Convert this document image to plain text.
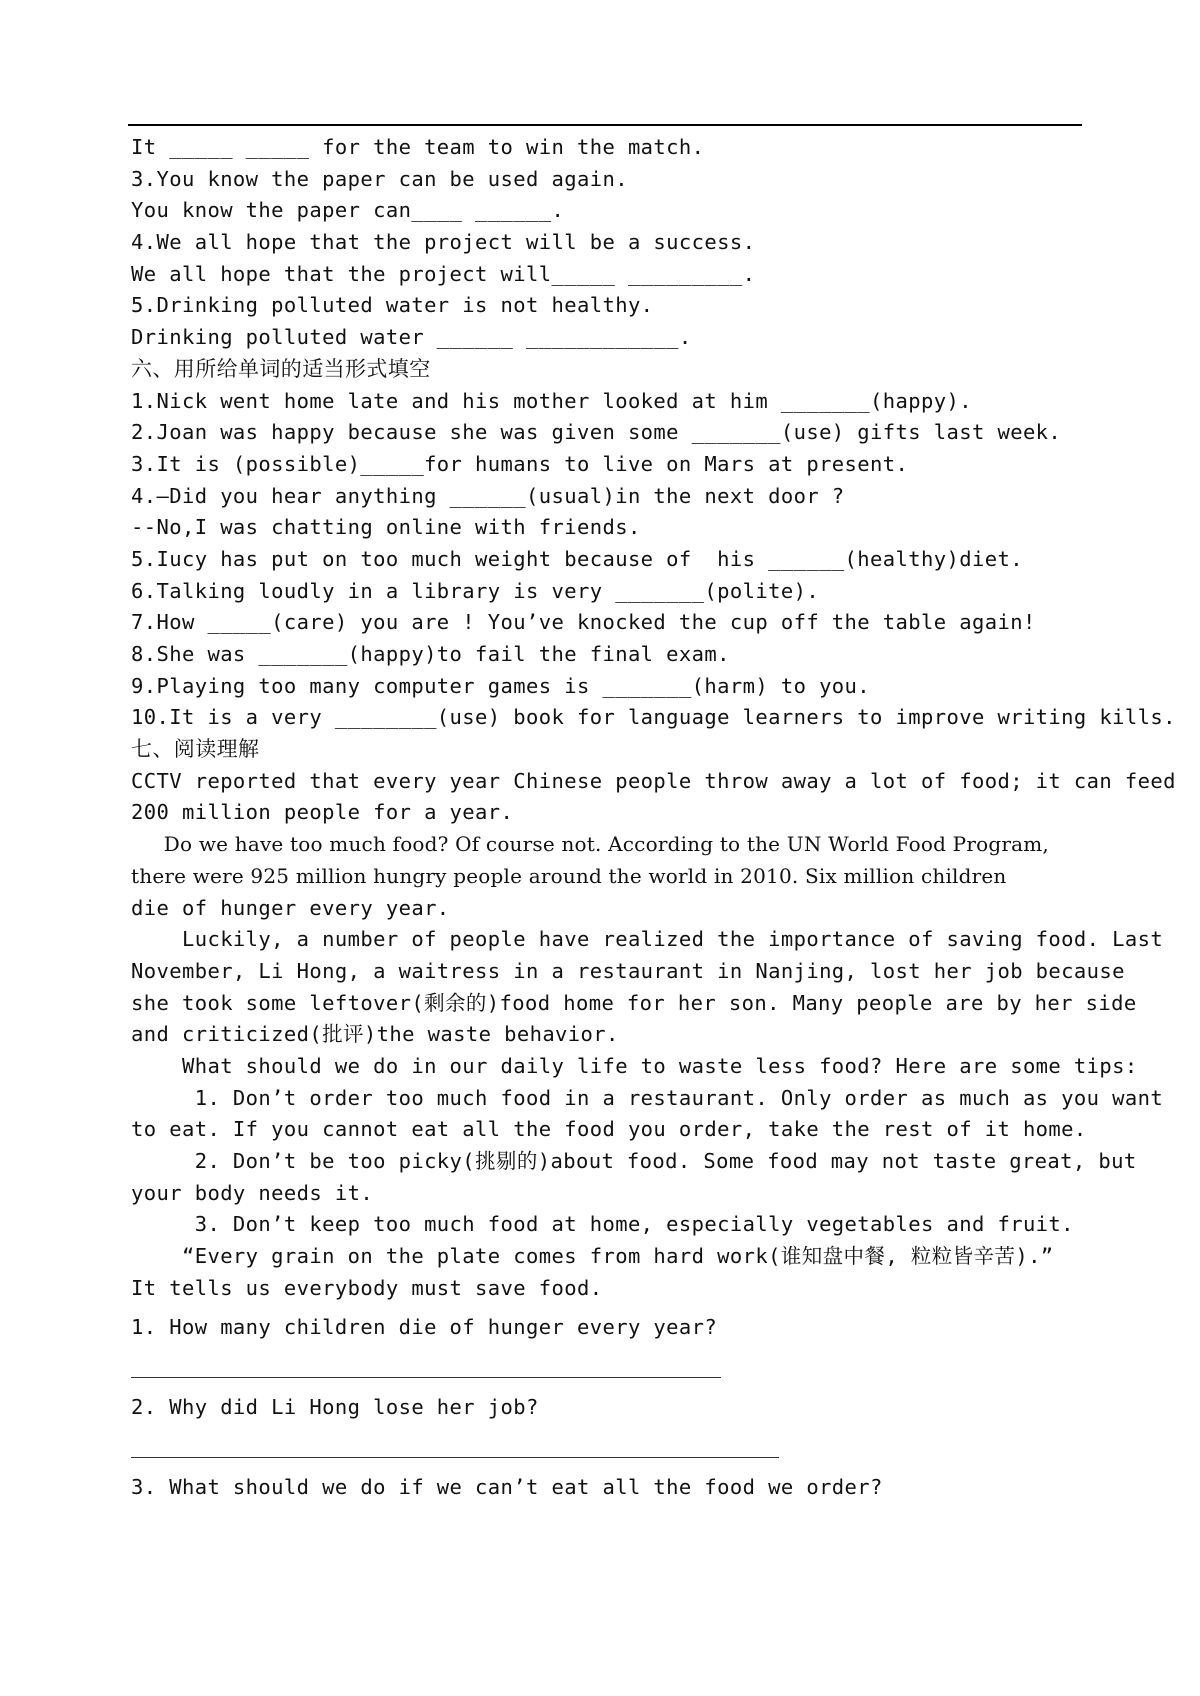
It _____ _____ for the team to win the match.
3.You know the paper can be used again.
You know the paper can____ ______.
4.We all hope that the project will be a success.
We all hope that the project will_____ _________.
5.Drinking polluted water is not healthy.
Drinking polluted water ______ ____________.
六、用所给单词的适当形式填空
1.Nick went home late and his mother looked at him _______(happy).
2.Joan was happy because she was given some _______(use) gifts last week.
3.It is (possible)_____for humans to live on Mars at present.
4.—Did you hear anything ______(usual)in the next door ?
--No,I was chatting online with friends.
5.Iucy has put on too much weight because of  his ______(healthy)diet.
6.Talking loudly in a library is very _______(polite).
7.How _____(care) you are ! You’ve knocked the cup off the table again!
8.She was _______(happy)to fail the final exam.
9.Playing too many computer games is _______(harm) to you.
10.It is a very ________(use) book for language learners to improve writing kills.
七、阅读理解
CCTV reported that every year Chinese people throw away a lot of food; it can feed
200 million people for a year.
Do we have too much food? Of course not. According to the UN World Food Program,
there were 925 million hungry people around the world in 2010. Six million children
die of hunger every year.
Luckily, a number of people have realized the importance of saving food. Last
November, Li Hong, a waitress in a restaurant in Nanjing, lost her job because
she took some leftover(剩余的)food home for her son. Many people are by her side
and criticized(批评)the waste behavior.
What should we do in our daily life to waste less food? Here are some tips:
1. Don’t order too much food in a restaurant. Only order as much as you want
to eat. If you cannot eat all the food you order, take the rest of it home.
2. Don’t be too picky(挑剔的)about food. Some food may not taste great, but
your body needs it.
3. Don’t keep too much food at home, especially vegetables and fruit.
“Every grain on the plate comes from hard work(谁知盘中餐, 粒粒皆辛苦).”
It tells us everybody must save food.
1. How many children die of hunger every year?
2. Why did Li Hong lose her job?
3. What should we do if we can’t eat all the food we order?
